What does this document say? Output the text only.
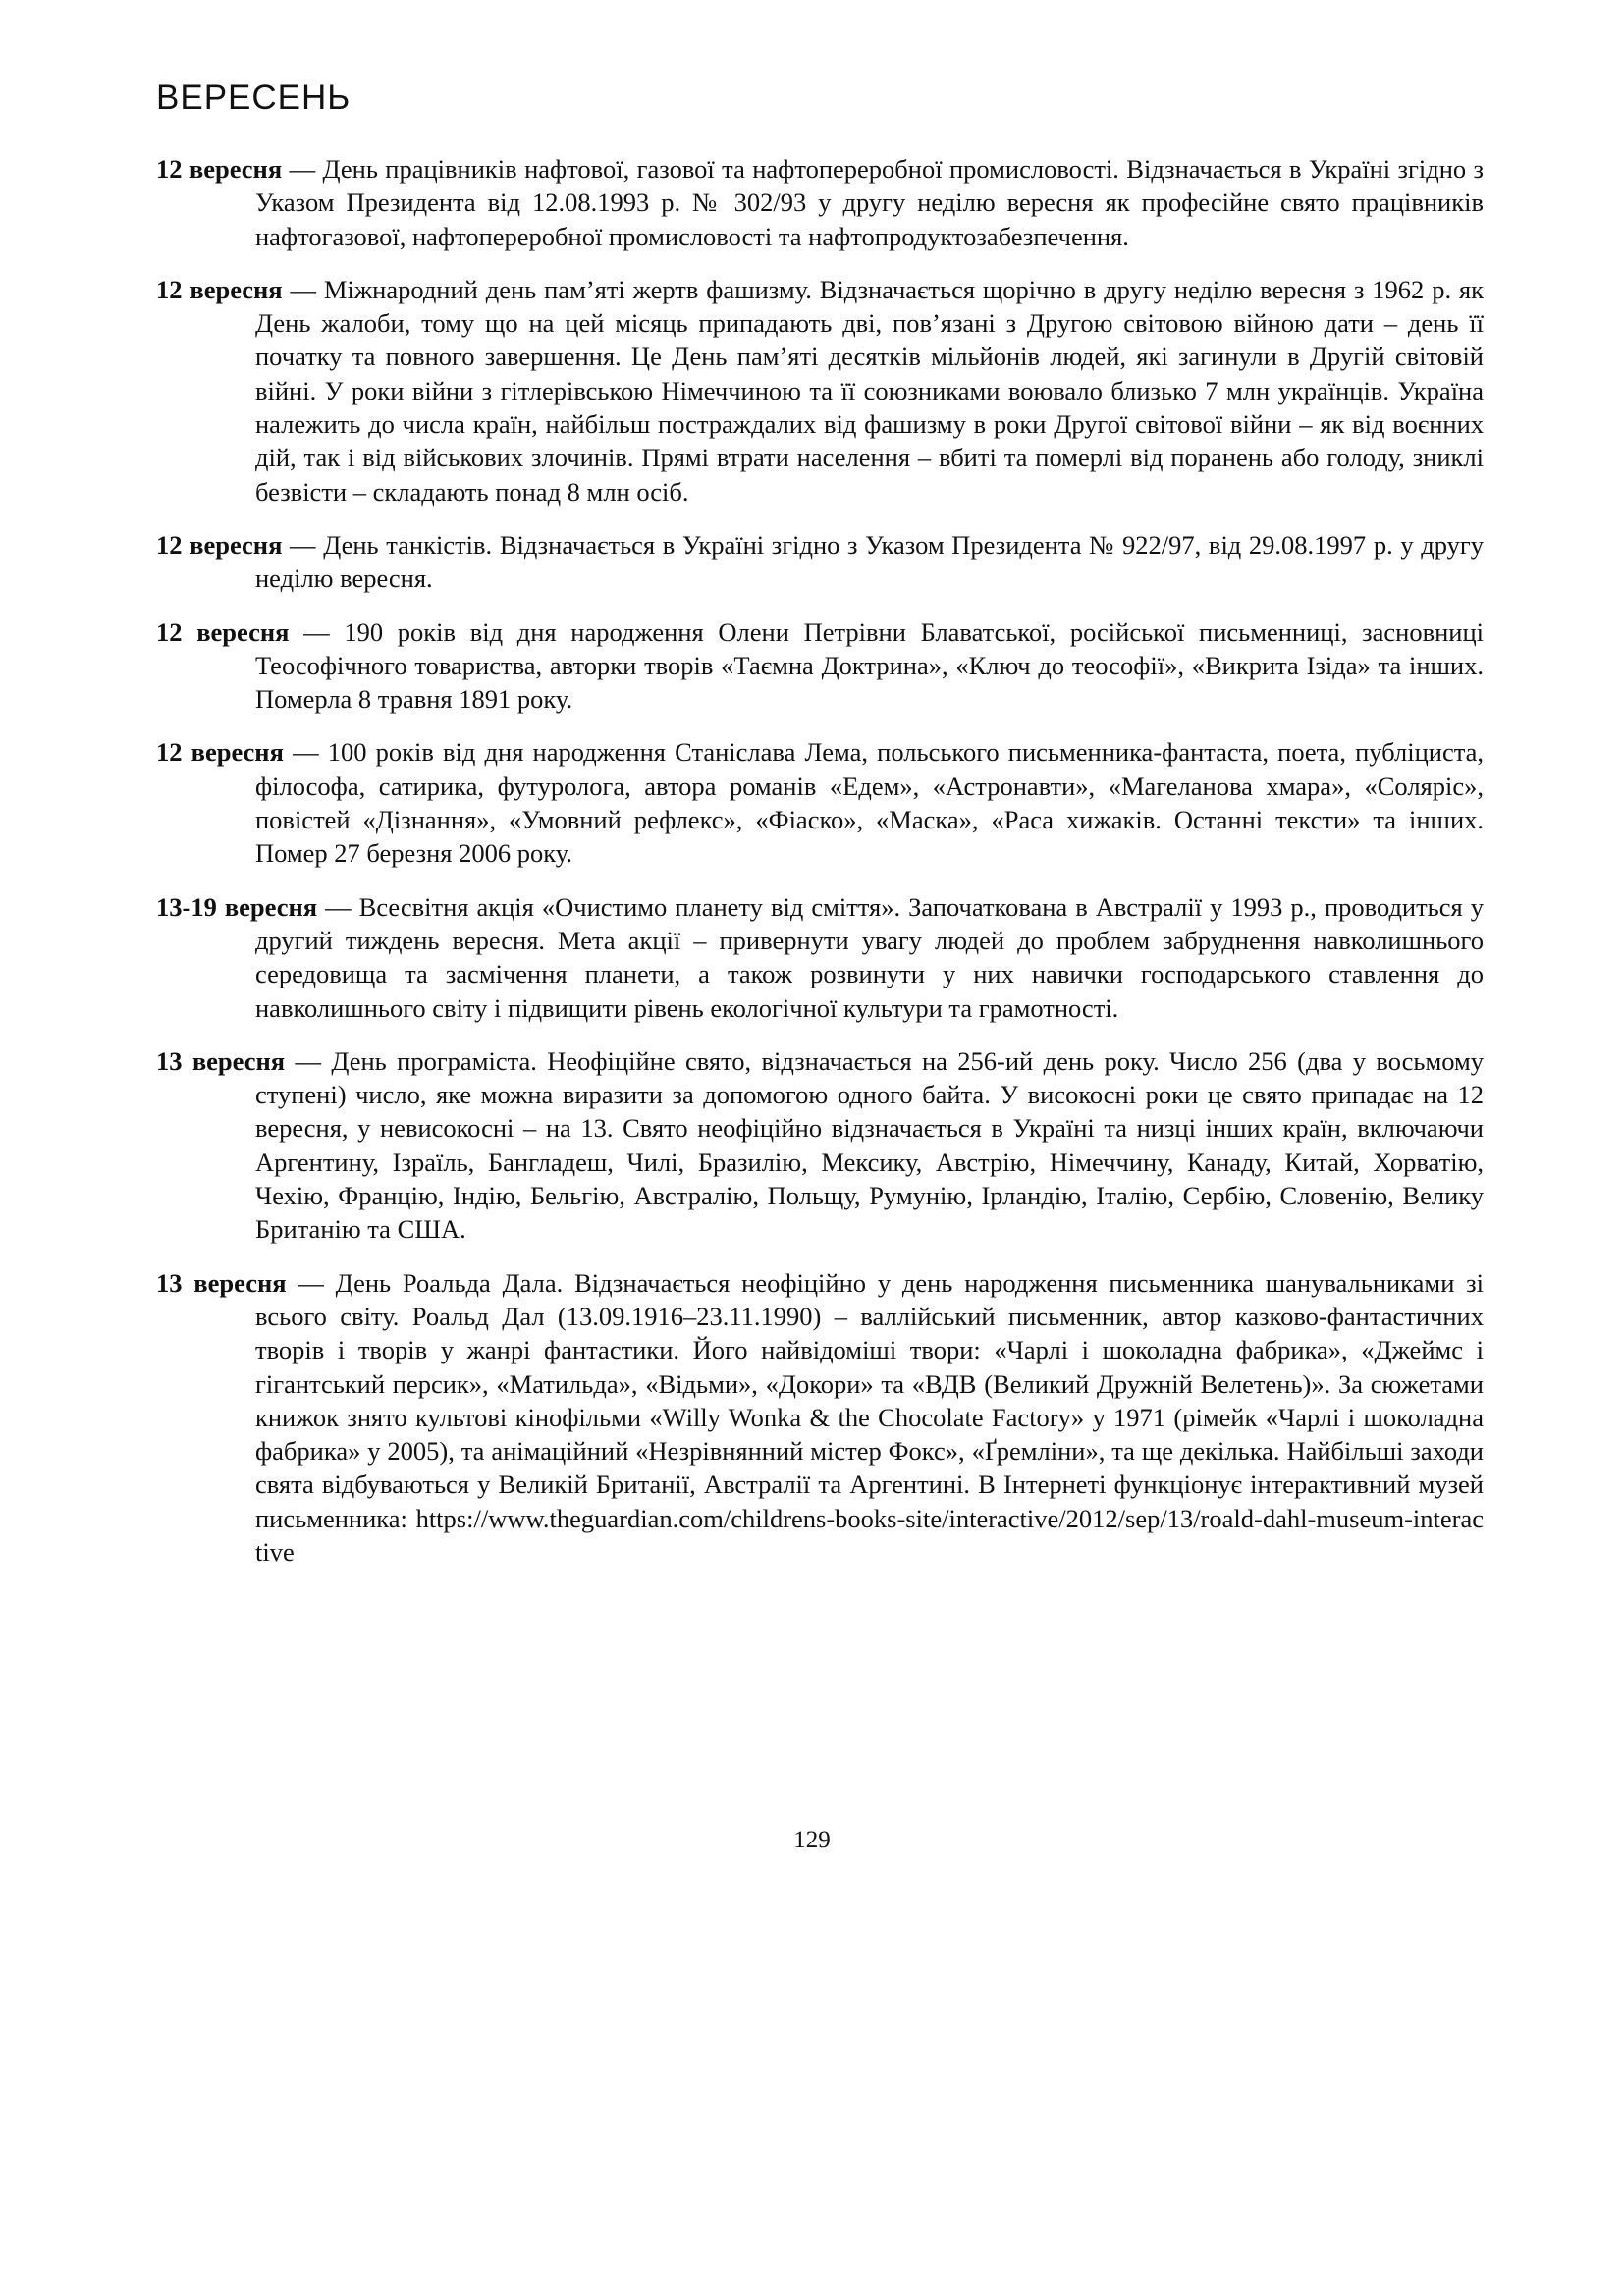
ВЕРЕСЕНЬ

12 вересня — День працівників нафтової, газової та нафтопереробної промисловості. Відзначається в Україні згідно з Указом Президента від 12.08.1993 р. № 302/93 у другу неділю вересня як професійне свято працівників нафтогазової, нафтопереробної промисловості та нафтопродуктозабезпечення.

12 вересня — Міжнародний день пам’яті жертв фашизму. Відзначається щорічно в другу неділю вересня з 1962 р. як День жалоби, тому що на цей місяць припадають дві, пов’язані з Другою світовою війною дати – день її початку та повного завершення. Це День пам’яті десятків мільйонів людей, які загинули в Другій світовій війні. У роки війни з гітлерівською Німеччиною та її союзниками воювало близько 7 млн українців. Україна належить до числа країн, найбільш постраждалих від фашизму в роки Другої світової війни – як від воєнних дій, так і від військових злочинів. Прямі втрати населення – вбиті та померлі від поранень або голоду, зниклі безвісти – складають понад 8 млн осіб.

12 вересня — День танкістів. Відзначається в Україні згідно з Указом Президента № 922/97, від 29.08.1997 р. у другу неділю вересня.

12 вересня — 190 років від дня народження Олени Петрівни Блаватської, російської письменниці, засновниці Теософічного товариства, авторки творів «Таємна Доктрина», «Ключ до теософії», «Викрита Ізіда» та інших. Померла 8 травня 1891 року.

12 вересня — 100 років від дня народження Станіслава Лема, польського письменника-фантаста, поета, публіциста, філософа, сатирика, футуролога, автора романів «Едем», «Астронавти», «Магеланова хмара», «Соляріс», повістей «Дізнання», «Умовний рефлекс», «Фіаско», «Маска», «Раса хижаків. Останні тексти» та інших. Помер 27 березня 2006 року.

13-19 вересня — Всесвітня акція «Очистимо планету від сміття». Започаткована в Австралії у 1993 р., проводиться у другий тиждень вересня. Мета акції – привернути увагу людей до проблем забруднення навколишнього середовища та засмічення планети, а також розвинути у них навички господарського ставлення до навколишнього світу і підвищити рівень екологічної культури та грамотності.

13 вересня — День програміста. Неофіційне свято, відзначається на 256-ий день року. Число 256 (два у восьмому ступені) число, яке можна виразити за допомогою одного байта. У високосні роки це свято припадає на 12 вересня, у невисокосні – на 13. Свято неофіційно відзначається в Україні та низці інших країн, включаючи Аргентину, Ізраїль, Бангладеш, Чилі, Бразилію, Мексику, Австрію, Німеччину, Канаду, Китай, Хорватію, Чехію, Францію, Індію, Бельгію, Австралію, Польщу, Румунію, Ірландію, Італію, Сербію, Словенію, Велику Британію та США.

13 вересня — День Роальда Дала. Відзначається неофіційно у день народження письменника шанувальниками зі всього світу. Роальд Дал (13.09.1916–23.11.1990) – валлійський письменник, автор казково-фантастичних творів і творів у жанрі фантастики. Його найвідоміші твори: «Чарлі і шоколадна фабрика», «Джеймс і гігантський персик», «Матильда», «Відьми», «Докори» та «ВДВ (Великий Дружній Велетень)». За сюжетами книжок знято культові кінофільми «Willy Wonka & the Chocolate Factory» у 1971 (рімейк «Чарлі і шоколадна фабрика» у 2005), та анімаційний «Незрівнянний містер Фокс», «Ґремліни», та ще декілька. Найбільші заходи свята відбуваються у Великій Британії, Австралії та Аргентині. В Інтернеті функціонує інтерактивний музей письменника: https://www.theguardian.com/childrens-books-site/interactive/2012/sep/13/roald-dahl-museum-interactive

129
